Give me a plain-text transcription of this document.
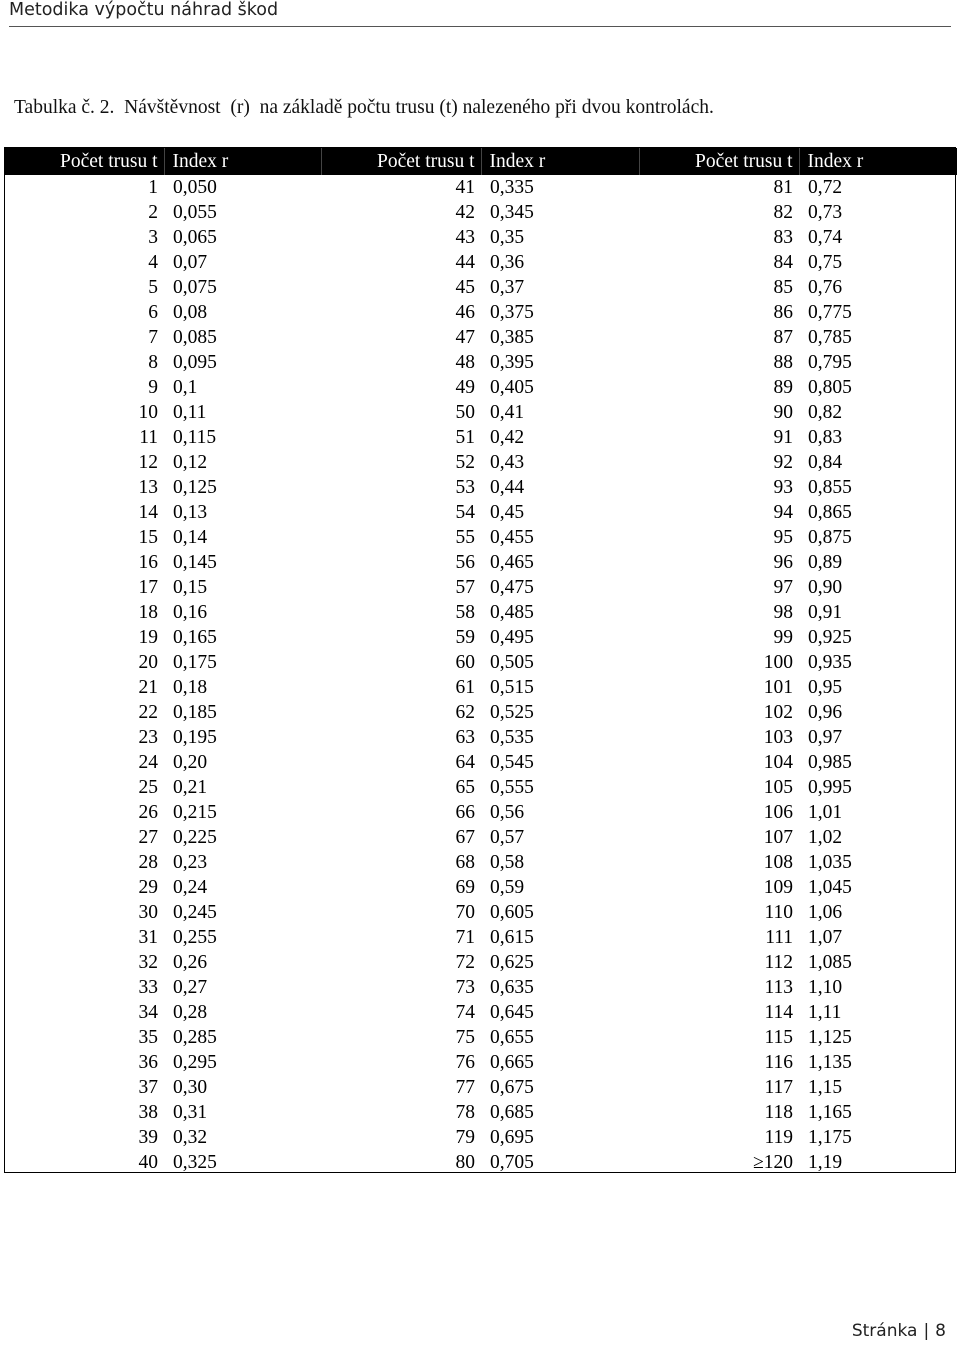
Metodika výpočtu náhrad škod
Tabulka č. 2.  Návštěvnost  (r)  na základě počtu trusu (t) nalezeného při dvou kontrolách.
Počet trusu t	Index r	Počet trusu t	Index r	Počet trusu t	Index r
1	0,050	41	0,335	81	0,72
2	0,055	42	0,345	82	0,73
3	0,065	43	0,35	83	0,74
4	0,07	44	0,36	84	0,75
5	0,075	45	0,37	85	0,76
6	0,08	46	0,375	86	0,775
7	0,085	47	0,385	87	0,785
8	0,095	48	0,395	88	0,795
9	0,1	49	0,405	89	0,805
10	0,11	50	0,41	90	0,82
11	0,115	51	0,42	91	0,83
12	0,12	52	0,43	92	0,84
13	0,125	53	0,44	93	0,855
14	0,13	54	0,45	94	0,865
15	0,14	55	0,455	95	0,875
16	0,145	56	0,465	96	0,89
17	0,15	57	0,475	97	0,90
18	0,16	58	0,485	98	0,91
19	0,165	59	0,495	99	0,925
20	0,175	60	0,505	100	0,935
21	0,18	61	0,515	101	0,95
22	0,185	62	0,525	102	0,96
23	0,195	63	0,535	103	0,97
24	0,20	64	0,545	104	0,985
25	0,21	65	0,555	105	0,995
26	0,215	66	0,56	106	1,01
27	0,225	67	0,57	107	1,02
28	0,23	68	0,58	108	1,035
29	0,24	69	0,59	109	1,045
30	0,245	70	0,605	110	1,06
31	0,255	71	0,615	111	1,07
32	0,26	72	0,625	112	1,085
33	0,27	73	0,635	113	1,10
34	0,28	74	0,645	114	1,11
35	0,285	75	0,655	115	1,125
36	0,295	76	0,665	116	1,135
37	0,30	77	0,675	117	1,15
38	0,31	78	0,685	118	1,165
39	0,32	79	0,695	119	1,175
40	0,325	80	0,705	≥120	1,19
Stránka | 8
